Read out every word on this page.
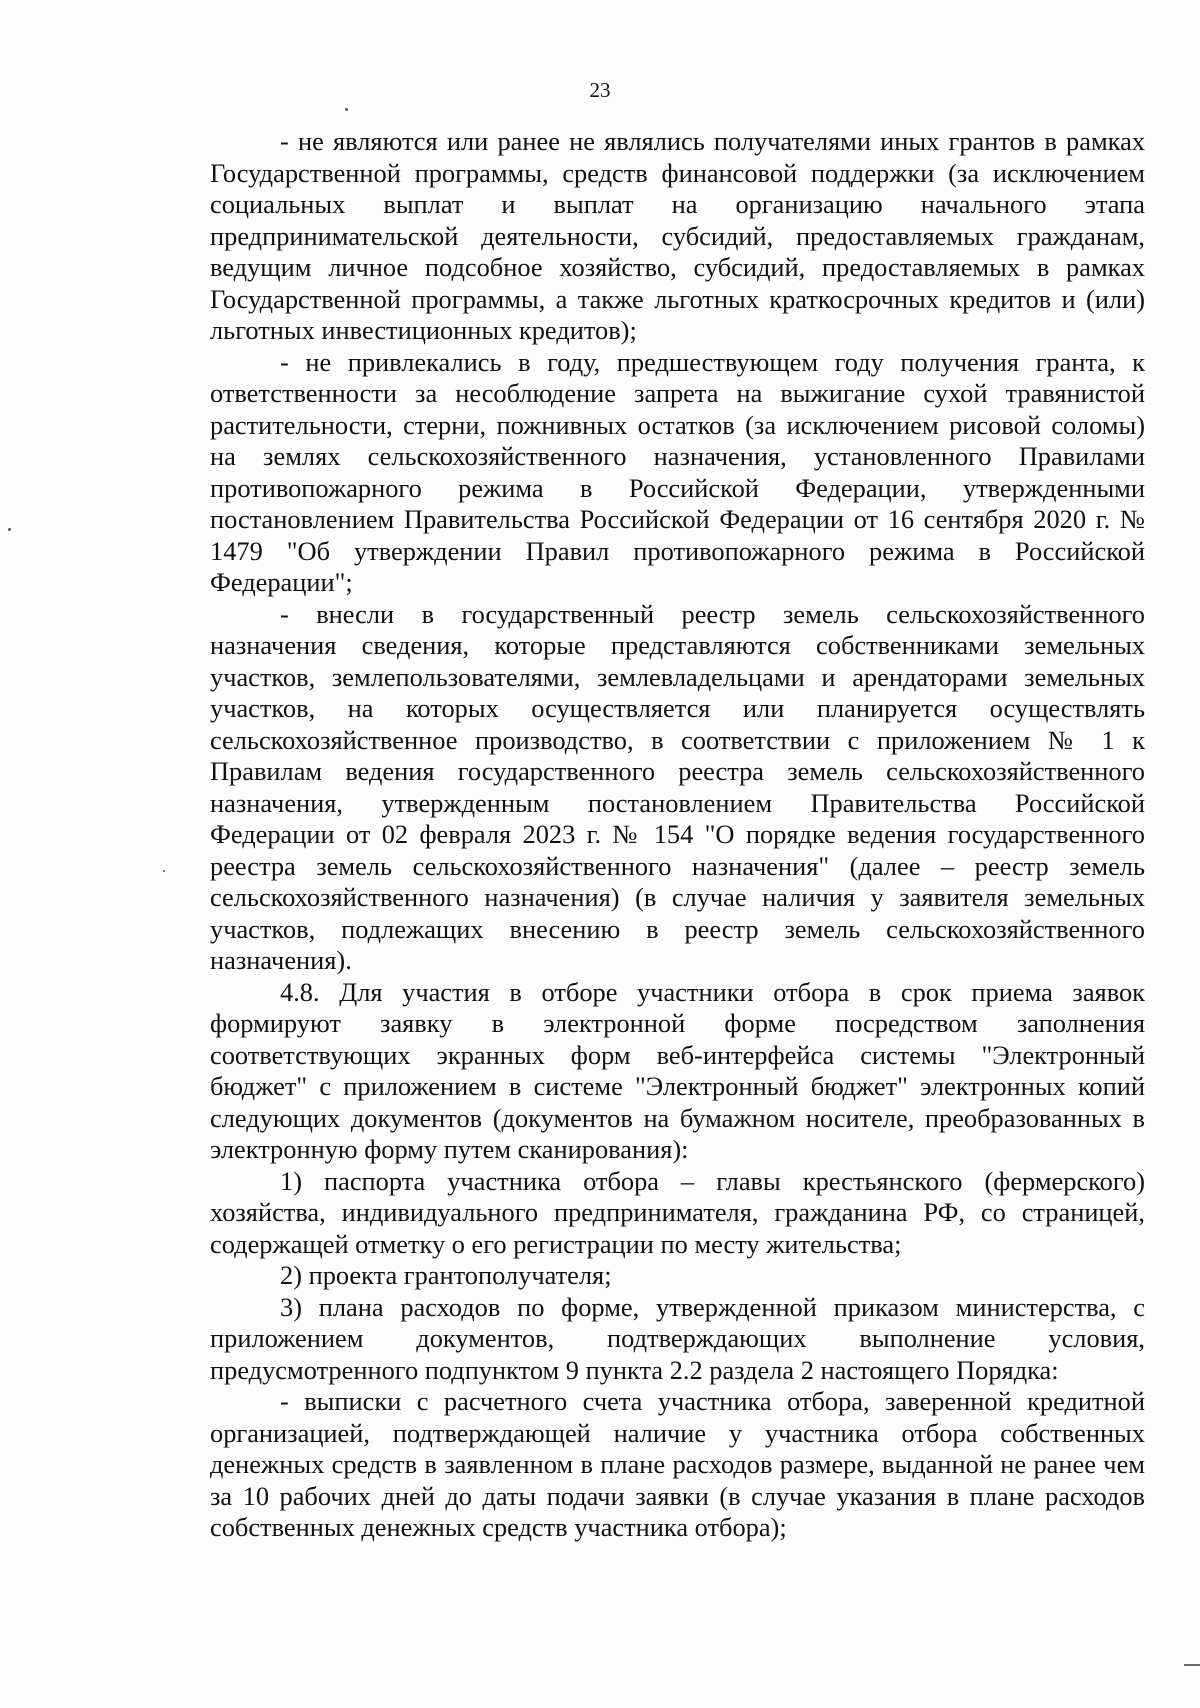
23

- не являются или ранее не являлись получателями иных грантов в рамках Государственной программы, средств финансовой поддержки (за исключением социальных выплат и выплат на организацию начального этапа предпринимательской деятельности, субсидий, предоставляемых гражданам, ведущим личное подсобное хозяйство, субсидий, предоставляемых в рамках Государственной программы, а также льготных краткосрочных кредитов и (или) льготных инвестиционных кредитов);

- не привлекались в году, предшествующем году получения гранта, к ответственности за несоблюдение запрета на выжигание сухой травянистой растительности, стерни, пожнивных остатков (за исключением рисовой соломы) на землях сельскохозяйственного назначения, установленного Правилами противопожарного режима в Российской Федерации, утвержденными постановлением Правительства Российской Федерации от 16 сентября 2020 г. № 1479 "Об утверждении Правил противопожарного режима в Российской Федерации";

- внесли в государственный реестр земель сельскохозяйственного назначения сведения, которые представляются собственниками земельных участков, землепользователями, землевладельцами и арендаторами земельных участков, на которых осуществляется или планируется осуществлять сельскохозяйственное производство, в соответствии с приложением № 1 к Правилам ведения государственного реестра земель сельскохозяйственного назначения, утвержденным постановлением Правительства Российской Федерации от 02 февраля 2023 г. № 154 "О порядке ведения государственного реестра земель сельскохозяйственного назначения" (далее – реестр земель сельскохозяйственного назначения) (в случае наличия у заявителя земельных участков, подлежащих внесению в реестр земель сельскохозяйственного назначения).

4.8. Для участия в отборе участники отбора в срок приема заявок формируют заявку в электронной форме посредством заполнения соответствующих экранных форм веб-интерфейса системы "Электронный бюджет" с приложением в системе "Электронный бюджет" электронных копий следующих документов (документов на бумажном носителе, преобразованных в электронную форму путем сканирования):

1) паспорта участника отбора – главы крестьянского (фермерского) хозяйства, индивидуального предпринимателя, гражданина РФ, со страницей, содержащей отметку о его регистрации по месту жительства;

2) проекта грантополучателя;

3) плана расходов по форме, утвержденной приказом министерства, с приложением документов, подтверждающих выполнение условия, предусмотренного подпунктом 9 пункта 2.2 раздела 2 настоящего Порядка:

- выписки с расчетного счета участника отбора, заверенной кредитной организацией, подтверждающей наличие у участника отбора собственных денежных средств в заявленном в плане расходов размере, выданной не ранее чем за 10 рабочих дней до даты подачи заявки (в случае указания в плане расходов собственных денежных средств участника отбора);
